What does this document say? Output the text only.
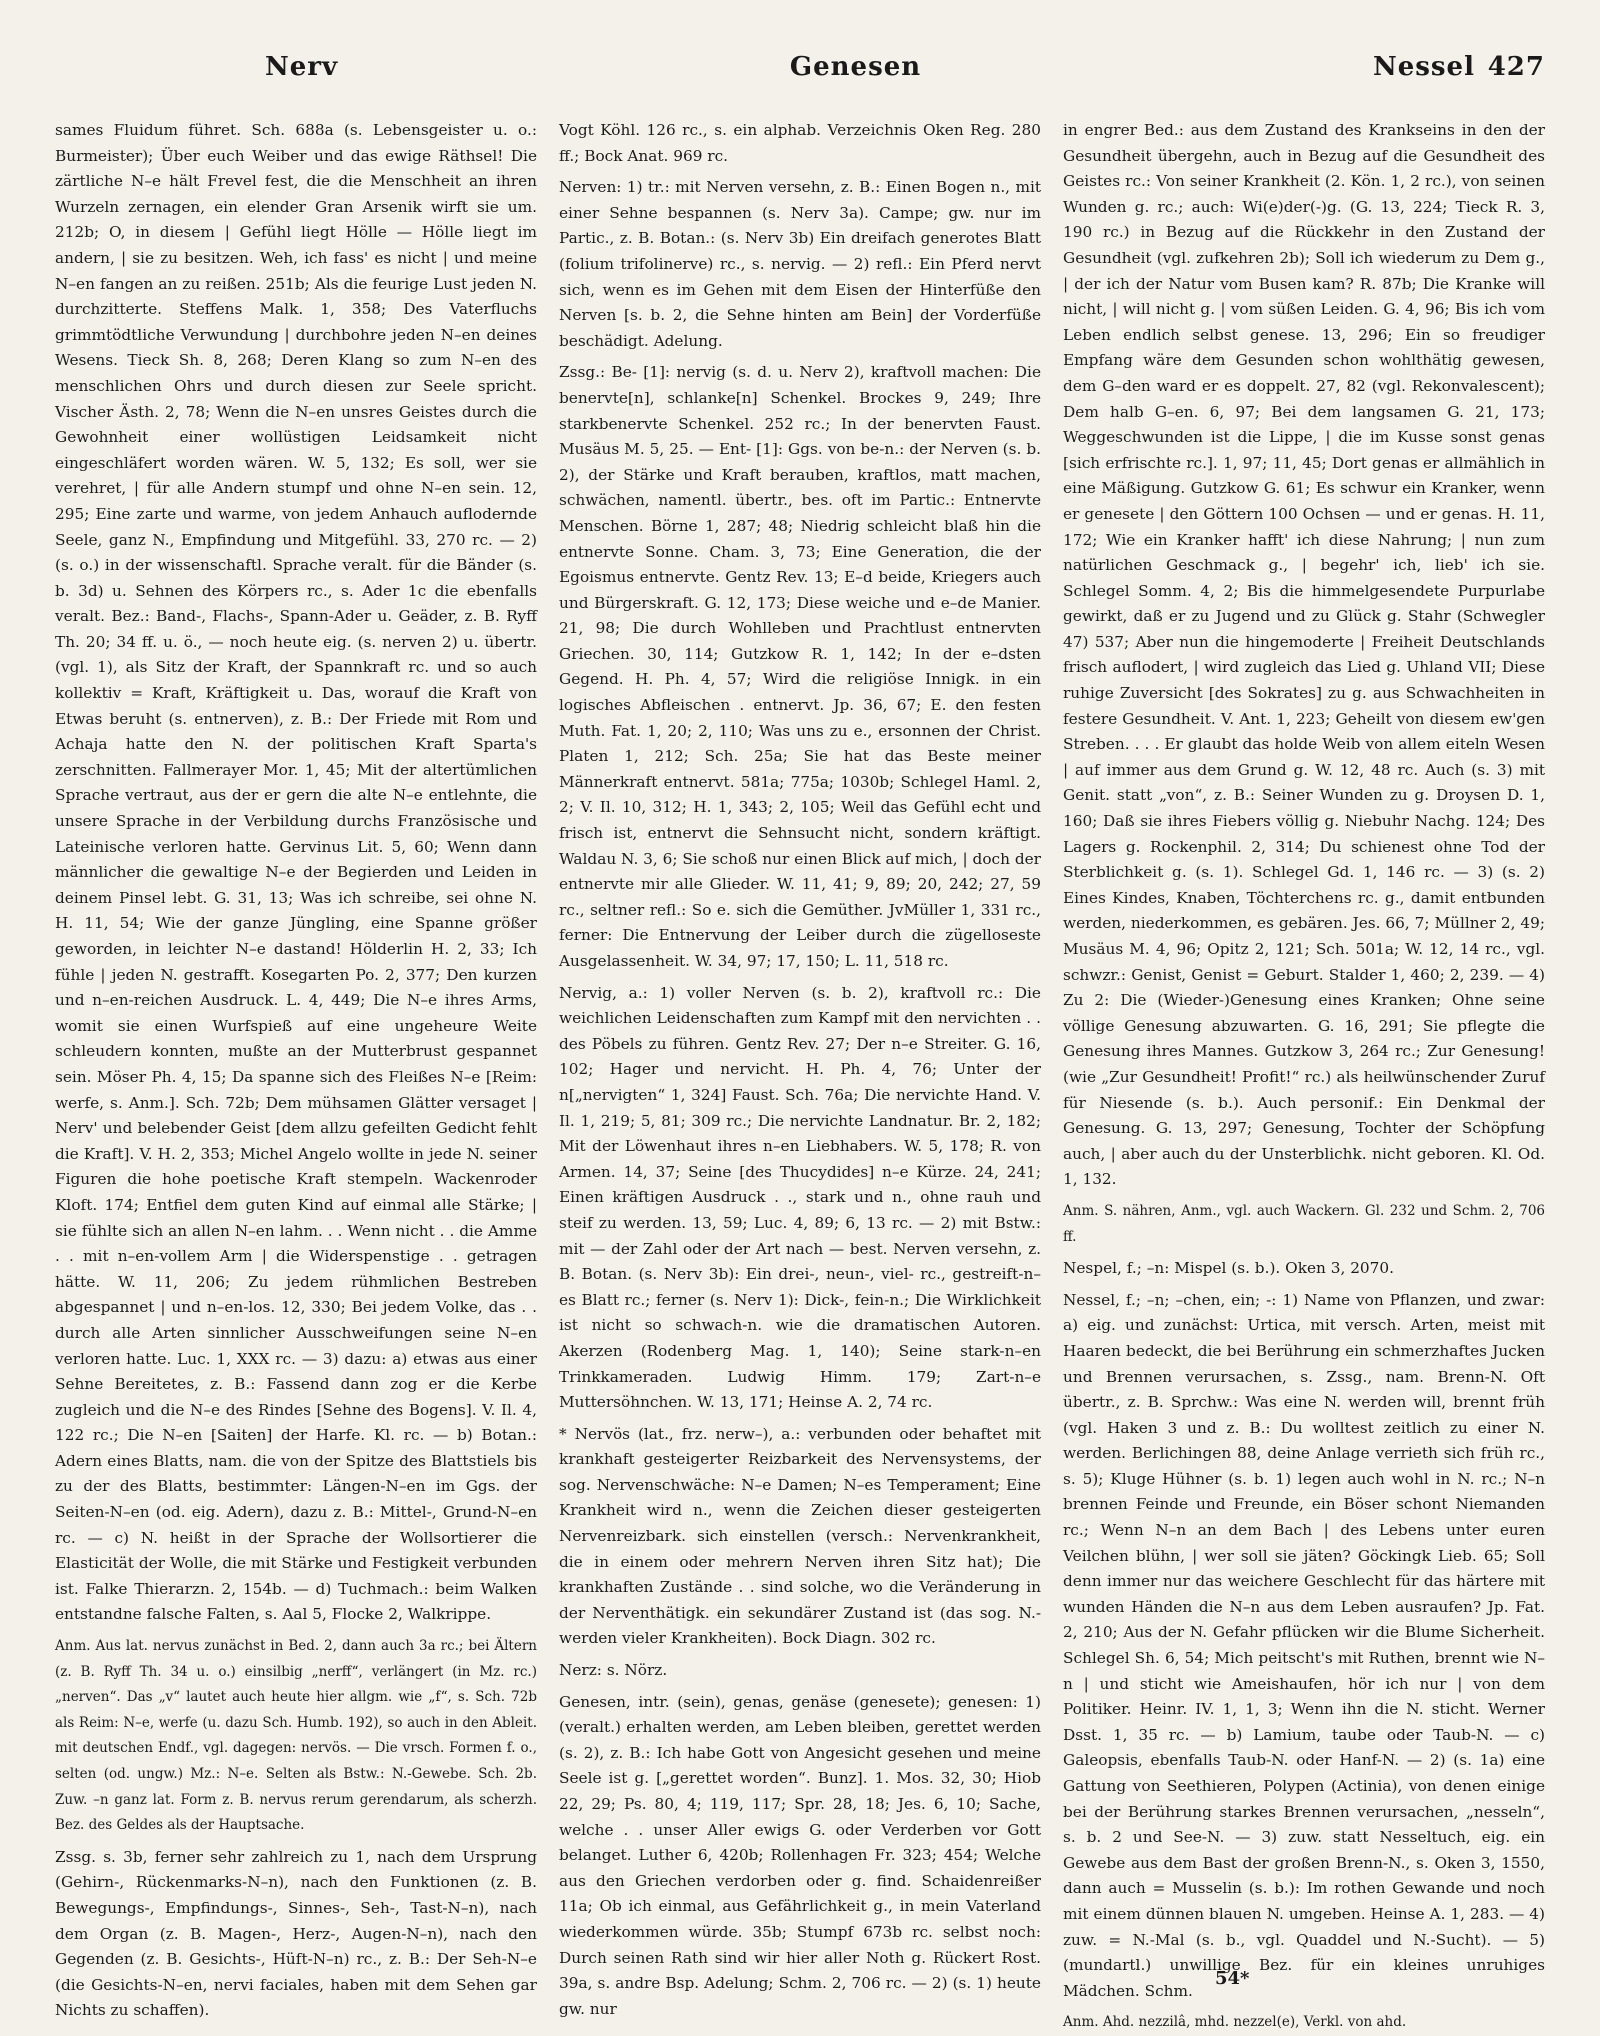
Nerv	Genesen	Nessel 427

sames Fluidum führet. Sch. 688a (s. Lebensgeister u. o.: Burmeister); Über euch Weiber und das ewige Räthsel! Die zärtliche N–e hält Frevel fest, die die Menschheit an ihren Wurzeln zernagen, ein elender Gran Arsenik wirft sie um. 212b; O, in diesem | Gefühl liegt Hölle — Hölle liegt im andern, | sie zu besitzen. Weh, ich fass' es nicht | und meine N–en fangen an zu reißen. 251b; Als die feurige Lust jeden N. durchzitterte. Steffens Malk. 1, 358; Des Vaterfluchs grimmtödtliche Verwundung | durchbohre jeden N–en deines Wesens. Tieck Sh. 8, 268; Deren Klang so zum N–en des menschlichen Ohrs und durch diesen zur Seele spricht. Vischer Ästh. 2, 78; Wenn die N–en unsres Geistes durch die Gewohnheit einer wollüstigen Leidsamkeit nicht eingeschläfert worden wären. W. 5, 132; Es soll, wer sie verehret, | für alle Andern stumpf und ohne N–en sein. 12, 295; Eine zarte und warme, von jedem Anhauch auflodernde Seele, ganz N., Empfindung und Mitgefühl. 33, 270 rc. — 2) (s. o.) in der wissenschaftl. Sprache veralt. für die Bänder (s. b. 3d) u. Sehnen des Körpers rc., s. Ader 1c die ebenfalls veralt. Bez.: Band-, Flachs-, Spann-Ader u. Geäder, z. B. Ryff Th. 20; 34 ff. u. ö., — noch heute eig. (s. nerven 2) u. übertr. (vgl. 1), als Sitz der Kraft, der Spannkraft rc. und so auch kollektiv = Kraft, Kräftigkeit u. Das, worauf die Kraft von Etwas beruht (s. entnerven), z. B.: Der Friede mit Rom und Achaja hatte den N. der politischen Kraft Sparta's zerschnitten. Fallmerayer Mor. 1, 45; Mit der altertümlichen Sprache vertraut, aus der er gern die alte N–e entlehnte, die unsere Sprache in der Verbildung durchs Französische und Lateinische verloren hatte. Gervinus Lit. 5, 60; Wenn dann männlicher die gewaltige N–e der Begierden und Leiden in deinem Pinsel lebt. G. 31, 13; Was ich schreibe, sei ohne N. H. 11, 54; Wie der ganze Jüngling, eine Spanne größer geworden, in leichter N–e dastand! Hölderlin H. 2, 33; Ich fühle | jeden N. gestrafft. Kosegarten Po. 2, 377; Den kurzen und n–en-reichen Ausdruck. L. 4, 449; Die N–e ihres Arms, womit sie einen Wurfspieß auf eine ungeheure Weite schleudern konnten, mußte an der Mutterbrust gespannet sein. Möser Ph. 4, 15; Da spanne sich des Fleißes N–e [Reim: werfe, s. Anm.]. Sch. 72b; Dem mühsamen Glätter versaget | Nerv' und belebender Geist [dem allzu gefeilten Gedicht fehlt die Kraft]. V. H. 2, 353; Michel Angelo wollte in jede N. seiner Figuren die hohe poetische Kraft stempeln. Wackenroder Kloft. 174; Entfiel dem guten Kind auf einmal alle Stärke; | sie fühlte sich an allen N–en lahm. . . Wenn nicht . . die Amme . . mit n–en-vollem Arm | die Widerspenstige . . getragen hätte. W. 11, 206; Zu jedem rühmlichen Bestreben abgespannet | und n–en-los. 12, 330; Bei jedem Volke, das . . durch alle Arten sinnlicher Ausschweifungen seine N–en verloren hatte. Luc. 1, XXX rc. — 3) dazu: a) etwas aus einer Sehne Bereitetes, z. B.: Fassend dann zog er die Kerbe zugleich und die N–e des Rindes [Sehne des Bogens]. V. Il. 4, 122 rc.; Die N–en [Saiten] der Harfe. Kl. rc. — b) Botan.: Adern eines Blatts, nam. die von der Spitze des Blattstiels bis zu der des Blatts, bestimmter: Längen-N–en im Ggs. der Seiten-N–en (od. eig. Adern), dazu z. B.: Mittel-, Grund-N–en rc. — c) N. heißt in der Sprache der Wollsortierer die Elasticität der Wolle, die mit Stärke und Festigkeit verbunden ist. Falke Thierarzn. 2, 154b. — d) Tuchmach.: beim Walken entstandne falsche Falten, s. Aal 5, Flocke 2, Walkrippe.

Anm. Aus lat. nervus zunächst in Bed. 2, dann auch 3a rc.; bei Ältern (z. B. Ryff Th. 34 u. o.) einsilbig „nerff“, verlängert (in Mz. rc.) „nerven“. Das „v“ lautet auch heute hier allgm. wie „f“, s. Sch. 72b als Reim: N–e, werfe (u. dazu Sch. Humb. 192), so auch in den Ableit. mit deutschen Endf., vgl. dagegen: nervös. — Die vrsch. Formen f. o., selten (od. ungw.) Mz.: N–e. Selten als Bstw.: N.-Gewebe. Sch. 2b. Zuw. –n ganz lat. Form z. B. nervus rerum gerendarum, als scherzh. Bez. des Geldes als der Hauptsache.

Zssg. s. 3b, ferner sehr zahlreich zu 1, nach dem Ursprung (Gehirn-, Rückenmarks-N–n), nach den Funktionen (z. B. Bewegungs-, Empfindungs-, Sinnes-, Seh-, Tast-N–n), nach dem Organ (z. B. Magen-, Herz-, Augen-N–n), nach den Gegenden (z. B. Gesichts-, Hüft-N–n) rc., z. B.: Der Seh-N–e (die Gesichts-N–en, nervi faciales, haben mit dem Sehen gar Nichts zu schaffen).

Vogt Köhl. 126 rc., s. ein alphab. Verzeichnis Oken Reg. 280 ff.; Bock Anat. 969 rc.

Nerven: 1) tr.: mit Nerven versehn, z. B.: Einen Bogen n., mit einer Sehne bespannen (s. Nerv 3a). Campe; gw. nur im Partic., z. B. Botan.: (s. Nerv 3b) Ein dreifach generotes Blatt (folium trifolinerve) rc., s. nervig. — 2) refl.: Ein Pferd nervt sich, wenn es im Gehen mit dem Eisen der Hinterfüße den Nerven [s. b. 2, die Sehne hinten am Bein] der Vorderfüße beschädigt. Adelung.

Zssg.: Be- [1]: nervig (s. d. u. Nerv 2), kraftvoll machen: Die benervte[n], schlanke[n] Schenkel. Brockes 9, 249; Ihre starkbenervte Schenkel. 252 rc.; In der benervten Faust. Musäus M. 5, 25. — Ent- [1]: Ggs. von be-n.: der Nerven (s. b. 2), der Stärke und Kraft berauben, kraftlos, matt machen, schwächen, namentl. übertr., bes. oft im Partic.: Entnervte Menschen. Börne 1, 287; 48; Niedrig schleicht blaß hin die entnervte Sonne. Cham. 3, 73; Eine Generation, die der Egoismus entnervte. Gentz Rev. 13; E–d beide, Kriegers auch und Bürgerskraft. G. 12, 173; Diese weiche und e–de Manier. 21, 98; Die durch Wohlleben und Prachtlust entnervten Griechen. 30, 114; Gutzkow R. 1, 142; In der e–dsten Gegend. H. Ph. 4, 57; Wird die religiöse Innigk. in ein logisches Abfleischen . entnervt. Jp. 36, 67; E. den festen Muth. Fat. 1, 20; 2, 110; Was uns zu e., ersonnen der Christ. Platen 1, 212; Sch. 25a; Sie hat das Beste meiner Männerkraft entnervt. 581a; 775a; 1030b; Schlegel Haml. 2, 2; V. Il. 10, 312; H. 1, 343; 2, 105; Weil das Gefühl echt und frisch ist, entnervt die Sehnsucht nicht, sondern kräftigt. Waldau N. 3, 6; Sie schoß nur einen Blick auf mich, | doch der entnervte mir alle Glieder. W. 11, 41; 9, 89; 20, 242; 27, 59 rc., seltner refl.: So e. sich die Gemüther. JvMüller 1, 331 rc., ferner: Die Entnervung der Leiber durch die zügelloseste Ausgelassenheit. W. 34, 97; 17, 150; L. 11, 518 rc.

Nervig, a.: 1) voller Nerven (s. b. 2), kraftvoll rc.: Die weichlichen Leidenschaften zum Kampf mit den nervichten . . des Pöbels zu führen. Gentz Rev. 27; Der n–e Streiter. G. 16, 102; Hager und nervicht. H. Ph. 4, 76; Unter der n[„nervigten“ 1, 324] Faust. Sch. 76a; Die nervichte Hand. V. Il. 1, 219; 5, 81; 309 rc.; Die nervichte Landnatur. Br. 2, 182; Mit der Löwenhaut ihres n–en Liebhabers. W. 5, 178; R. von Armen. 14, 37; Seine [des Thucydides] n–e Kürze. 24, 241; Einen kräftigen Ausdruck . ., stark und n., ohne rauh und steif zu werden. 13, 59; Luc. 4, 89; 6, 13 rc. — 2) mit Bstw.: mit — der Zahl oder der Art nach — best. Nerven versehn, z. B. Botan. (s. Nerv 3b): Ein drei-, neun-, viel- rc., gestreift-n–es Blatt rc.; ferner (s. Nerv 1): Dick-, fein-n.; Die Wirklichkeit ist nicht so schwach-n. wie die dramatischen Autoren. Akerzen (Rodenberg Mag. 1, 140); Seine stark-n–en Trinkkameraden. Ludwig Himm. 179; Zart-n–e Muttersöhnchen. W. 13, 171; Heinse A. 2, 74 rc.

* Nervös (lat., frz. nerw–), a.: verbunden oder behaftet mit krankhaft gesteigerter Reizbarkeit des Nervensystems, der sog. Nervenschwäche: N–e Damen; N–es Temperament; Eine Krankheit wird n., wenn die Zeichen dieser gesteigerten Nervenreizbark. sich einstellen (versch.: Nervenkrankheit, die in einem oder mehrern Nerven ihren Sitz hat); Die krankhaften Zustände . . sind solche, wo die Veränderung in der Nerventhätigk. ein sekundärer Zustand ist (das sog. N.-werden vieler Krankheiten). Bock Diagn. 302 rc.

Nerz: s. Nörz.

Genesen, intr. (sein), genas, genäse (genesete); genesen: 1) (veralt.) erhalten werden, am Leben bleiben, gerettet werden (s. 2), z. B.: Ich habe Gott von Angesicht gesehen und meine Seele ist g. [„gerettet worden“. Bunz]. 1. Mos. 32, 30; Hiob 22, 29; Ps. 80, 4; 119, 117; Spr. 28, 18; Jes. 6, 10; Sache, welche . . unser Aller ewigs G. oder Verderben vor Gott belanget. Luther 6, 420b; Rollenhagen Fr. 323; 454; Welche aus den Griechen verdorben oder g. find. Schaidenreißer 11a; Ob ich einmal, aus Gefährlichkeit g., in mein Vaterland wiederkommen würde. 35b; Stumpf 673b rc. selbst noch: Durch seinen Rath sind wir hier aller Noth g. Rückert Rost. 39a, s. andre Bsp. Adelung; Schm. 2, 706 rc. — 2) (s. 1) heute gw. nur

in engrer Bed.: aus dem Zustand des Krankseins in den der Gesundheit übergehn, auch in Bezug auf die Gesundheit des Geistes rc.: Von seiner Krankheit (2. Kön. 1, 2 rc.), von seinen Wunden g. rc.; auch: Wi(e)der(-)g. (G. 13, 224; Tieck R. 3, 190 rc.) in Bezug auf die Rückkehr in den Zustand der Gesundheit (vgl. zufkehren 2b); Soll ich wiederum zu Dem g., | der ich der Natur vom Busen kam? R. 87b; Die Kranke will nicht, | will nicht g. | vom süßen Leiden. G. 4, 96; Bis ich vom Leben endlich selbst genese. 13, 296; Ein so freudiger Empfang wäre dem Gesunden schon wohlthätig gewesen, dem G–den ward er es doppelt. 27, 82 (vgl. Rekonvalescent); Dem halb G–en. 6, 97; Bei dem langsamen G. 21, 173; Weggeschwunden ist die Lippe, | die im Kusse sonst genas [sich erfrischte rc.]. 1, 97; 11, 45; Dort genas er allmählich in eine Mäßigung. Gutzkow G. 61; Es schwur ein Kranker, wenn er genesete | den Göttern 100 Ochsen — und er genas. H. 11, 172; Wie ein Kranker hafft' ich diese Nahrung; | nun zum natürlichen Geschmack g., | begehr' ich, lieb' ich sie. Schlegel Somm. 4, 2; Bis die himmelgesendete Purpurlabe gewirkt, daß er zu Jugend und zu Glück g. Stahr (Schwegler 47) 537; Aber nun die hingemoderte | Freiheit Deutschlands frisch auflodert, | wird zugleich das Lied g. Uhland VII; Diese ruhige Zuversicht [des Sokrates] zu g. aus Schwachheiten in festere Gesundheit. V. Ant. 1, 223; Geheilt von diesem ew'gen Streben. . . . Er glaubt das holde Weib von allem eiteln Wesen | auf immer aus dem Grund g. W. 12, 48 rc. Auch (s. 3) mit Genit. statt „von“, z. B.: Seiner Wunden zu g. Droysen D. 1, 160; Daß sie ihres Fiebers völlig g. Niebuhr Nachg. 124; Des Lagers g. Rockenphil. 2, 314; Du schienest ohne Tod der Sterblichkeit g. (s. 1). Schlegel Gd. 1, 146 rc. — 3) (s. 2) Eines Kindes, Knaben, Töchterchens rc. g., damit entbunden werden, niederkommen, es gebären. Jes. 66, 7; Müllner 2, 49; Musäus M. 4, 96; Opitz 2, 121; Sch. 501a; W. 12, 14 rc., vgl. schwzr.: Genist, Genist = Geburt. Stalder 1, 460; 2, 239. — 4) Zu 2: Die (Wieder-)Genesung eines Kranken; Ohne seine völlige Genesung abzuwarten. G. 16, 291; Sie pflegte die Genesung ihres Mannes. Gutzkow 3, 264 rc.; Zur Genesung! (wie „Zur Gesundheit! Profit!“ rc.) als heilwünschender Zuruf für Niesende (s. b.). Auch personif.: Ein Denkmal der Genesung. G. 13, 297; Genesung, Tochter der Schöpfung auch, | aber auch du der Unsterblichk. nicht geboren. Kl. Od. 1, 132.

Anm. S. nähren, Anm., vgl. auch Wackern. Gl. 232 und Schm. 2, 706 ff.

Nespel, f.; –n: Mispel (s. b.). Oken 3, 2070.

Nessel, f.; –n; –chen, ein; -: 1) Name von Pflanzen, und zwar: a) eig. und zunächst: Urtica, mit versch. Arten, meist mit Haaren bedeckt, die bei Berührung ein schmerzhaftes Jucken und Brennen verursachen, s. Zssg., nam. Brenn-N. Oft übertr., z. B. Sprchw.: Was eine N. werden will, brennt früh (vgl. Haken 3 und z. B.: Du wolltest zeitlich zu einer N. werden. Berlichingen 88, deine Anlage verrieth sich früh rc., s. 5); Kluge Hühner (s. b. 1) legen auch wohl in N. rc.; N–n brennen Feinde und Freunde, ein Böser schont Niemanden rc.; Wenn N–n an dem Bach | des Lebens unter euren Veilchen blühn, | wer soll sie jäten? Göckingk Lieb. 65; Soll denn immer nur das weichere Geschlecht für das härtere mit wunden Händen die N–n aus dem Leben ausraufen? Jp. Fat. 2, 210; Aus der N. Gefahr pflücken wir die Blume Sicherheit. Schlegel Sh. 6, 54; Mich peitscht's mit Ruthen, brennt wie N–n | und sticht wie Ameishaufen, hör ich nur | von dem Politiker. Heinr. IV. 1, 1, 3; Wenn ihn die N. sticht. Werner Dsst. 1, 35 rc. — b) Lamium, taube oder Taub-N. — c) Galeopsis, ebenfalls Taub-N. oder Hanf-N. — 2) (s. 1a) eine Gattung von Seethieren, Polypen (Actinia), von denen einige bei der Berührung starkes Brennen verursachen, „nesseln“, s. b. 2 und See-N. — 3) zuw. statt Nesseltuch, eig. ein Gewebe aus dem Bast der großen Brenn-N., s. Oken 3, 1550, dann auch = Musselin (s. b.): Im rothen Gewande und noch mit einem dünnen blauen N. umgeben. Heinse A. 1, 283. — 4) zuw. = N.-Mal (s. b., vgl. Quaddel und N.-Sucht). — 5) (mundartl.) unwillige Bez. für ein kleines unruhiges Mädchen. Schm.

Anm. Ahd. nezzilâ, mhd. nezzel(e), Verkl. von ahd.

54*
